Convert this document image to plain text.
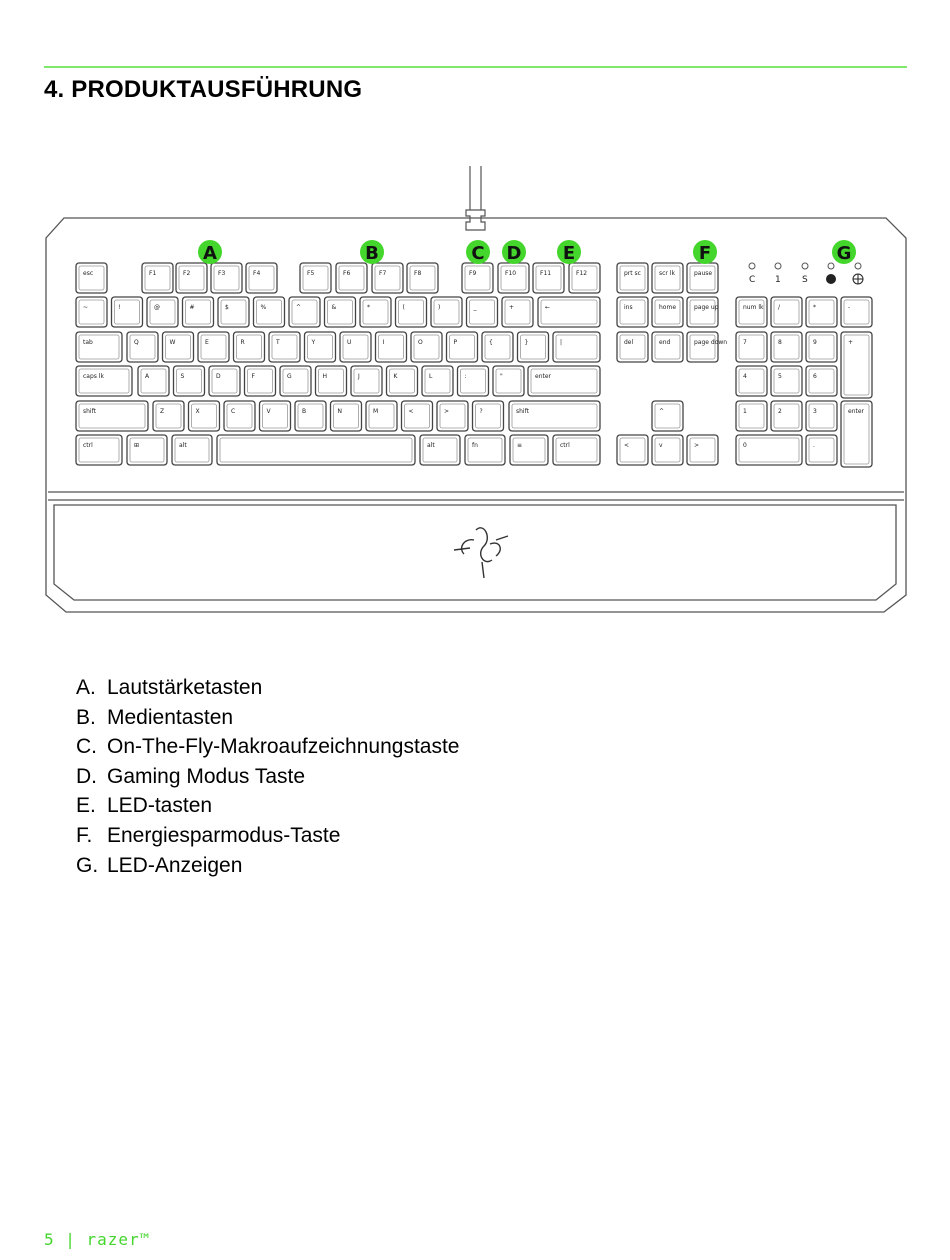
4. PRODUKTAUSFÜHRUNG
esc	F1	F2	F3	F4	F5	F6	F7	F8	F9	F10	F11	F12	prt sc	scr lk	pause
~	!	@	#	$	%	^	&	*	(	)	_	+	←	ins	home	page up	num lk /	*	-
tab	Q	W	E	R	T	Y	U	I	O	P	{	}	|	del	end	page down	7	8	9	+
caps lk	A	S	D	F	G	H	J	K	L	:	"	enter	4	5	6
shift	Z	X	C	V	B	N	M	<	>	?	shift	^	1	2	3	enter
ctrl	⊞	alt	alt	fn	≡	ctrl	<	v	>	0	.
C 1 S
A	B	C D E	F	G
A. Lautstärketasten
B. Medientasten
C. On-The-Fly-Makroaufzeichnungstaste
D. Gaming Modus Taste
E. LED-tasten
F. Energiesparmodus-Taste
G. LED-Anzeigen
5 | razer™
